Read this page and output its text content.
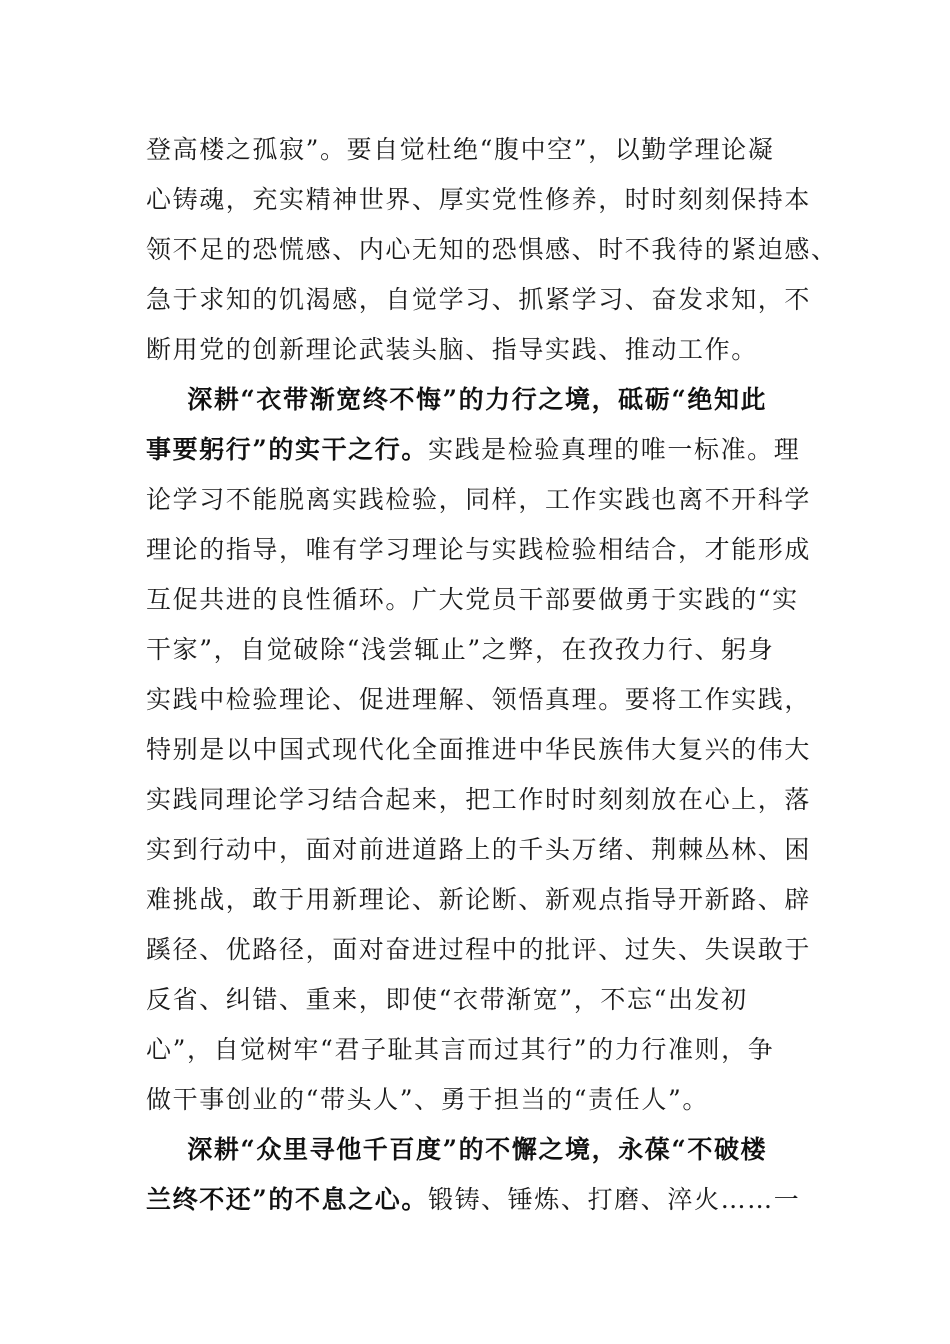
登高楼之孤寂”。要自觉杜绝“腹中空”，以勤学理论凝
心铸魂，充实精神世界、厚实党性修养，时时刻刻保持本
领不足的恐慌感、内心无知的恐惧感、时不我待的紧迫感、
急于求知的饥渴感，自觉学习、抓紧学习、奋发求知，不
断用党的创新理论武装头脑、指导实践、推动工作。
深耕“衣带渐宽终不悔”的力行之境，砥砺“绝知此
事要躬行”的实干之行。实践是检验真理的唯一标准。理
论学习不能脱离实践检验，同样，工作实践也离不开科学
理论的指导，唯有学习理论与实践检验相结合，才能形成
互促共进的良性循环。广大党员干部要做勇于实践的“实
干家”，自觉破除“浅尝辄止”之弊，在孜孜力行、躬身
实践中检验理论、促进理解、领悟真理。要将工作实践，
特别是以中国式现代化全面推进中华民族伟大复兴的伟大
实践同理论学习结合起来，把工作时时刻刻放在心上，落
实到行动中，面对前进道路上的千头万绪、荆棘丛林、困
难挑战，敢于用新理论、新论断、新观点指导开新路、辟
蹊径、优路径，面对奋进过程中的批评、过失、失误敢于
反省、纠错、重来，即使“衣带渐宽”，不忘“出发初
心”，自觉树牢“君子耻其言而过其行”的力行准则，争
做干事创业的“带头人”、勇于担当的“责任人”。
深耕“众里寻他千百度”的不懈之境，永葆“不破楼
兰终不还”的不息之心。锻铸、锤炼、打磨、淬火……一
